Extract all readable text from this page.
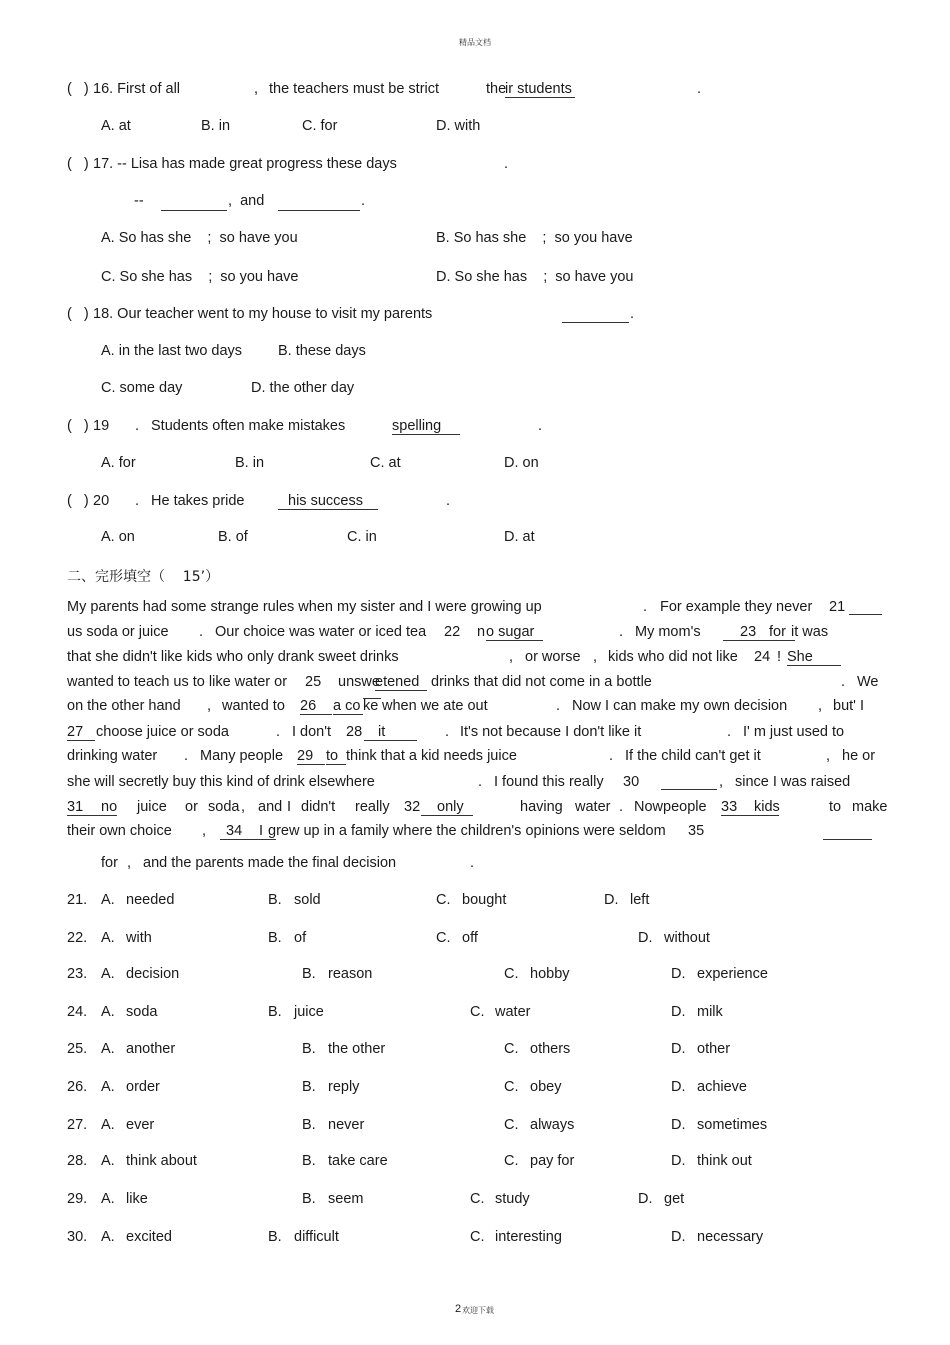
精品文档
(   ) 16. First of all	, the teachers must be strict	the
ir students	.
A. at	B. in	C. for	D. with
(   ) 17. -- Lisa has made great progress these days	.
--	,  and	.
A. So has she    ;  so have you	B. So has she    ;  so you have
C. So she has    ;  so you have	D. So she has    ;  so have you
(   ) 18. Our teacher went to my house to visit my parents	.
A. in the last two days B. these days
C. some day	D. the other day
(   ) 19 . Students often make mistakes	spelling	.
A. for	B. in	C. at	D. on
(   ) 20 . He takes pride	his success	.
A. on	B. of	C. in	D. at
二、完形填空（    15’）
My parents had some strange rules when my sister and I were growing up	. For example they never 21
us soda or juice . Our choice was water or iced tea 22 n o sugar	. My mom's	23 for it was
that she didn't like kids who only drank sweet drinks	, or worse , kids who did not like 24 ! She
wanted to teach us to like water or 25 unswe
etened drinks that did not come in a bottle	. We
on the other hand , wanted to 26	a co ke when we ate out	. Now I can make my own decision , but' I
27 choose juice or soda	. I don't 28	it	. It's not because I don't like it	. I' m just used to
drinking water . Many people 29 to think that a kid needs juice	. If the child can't get it	, he or
she will secretly buy this kind of drink elsewhere	. I found this really 30	, since I was raised
31	no juice or soda , and I didn't really 32	only	having water . Nowpeople 33	kids	to make
their own choice ,	34	I grew up in a family where the children's opinions were seldom 35
for , and the parents made the final decision	.
21. A. needed	B. sold	C. bought	D. left
22. A. with	B. of	C. off	D. without
23. A. decision	B. reason	C. hobby	D. experience
24. A. soda	B. juice	C. water	D. milk
25. A. another	B. the other	C. others	D. other
26. A. order	B. reply	C. obey	D. achieve
27. A. ever	B. never	C. always	D. sometimes
28. A. think about	B. take care	C. pay for	D. think out
29. A. like	B. seem	C. study	D. get
30. A. excited	B. difficult	C. interesting	D. necessary
2 欢迎下载
